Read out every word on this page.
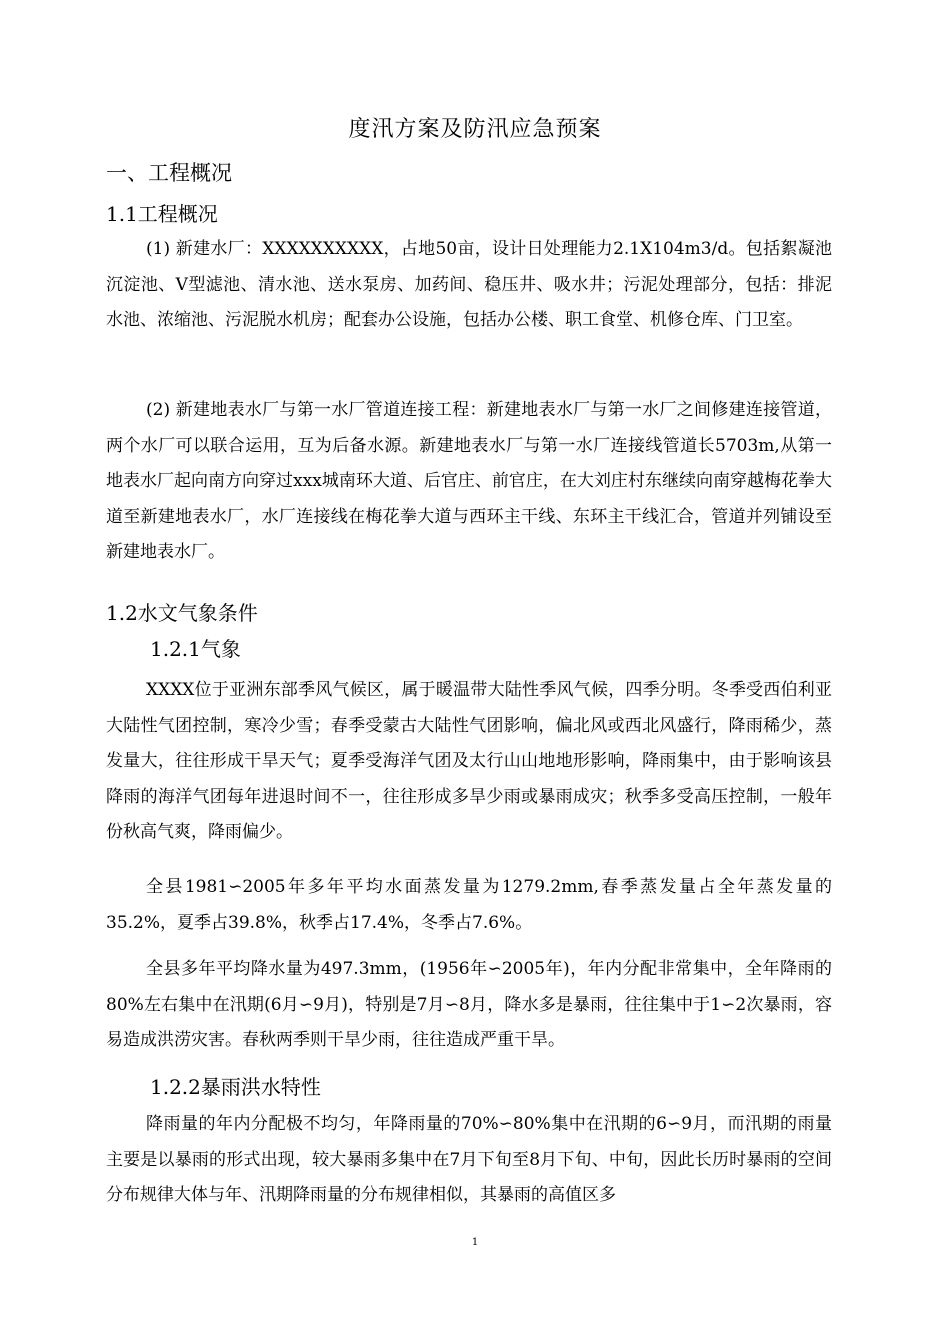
度汛方案及防汛应急预案
一、工程概况
1.1工程概况

(1) 新建水厂：XXXXXXXXXX，占地50亩，设计日处理能力2.1X104m3/d。包括絮凝池沉淀池、V型滤池、清水池、送水泵房、加药间、稳压井、吸水井；污泥处理部分，包括：排泥水池、浓缩池、污泥脱水机房；配套办公设施，包括办公楼、职工食堂、机修仓库、门卫室。

(2) 新建地表水厂与第一水厂管道连接工程：新建地表水厂与第一水厂之间修建连接管道，两个水厂可以联合运用，互为后备水源。新建地表水厂与第一水厂连接线管道长5703m,从第一地表水厂起向南方向穿过xxx城南环大道、后官庄、前官庄，在大刘庄村东继续向南穿越梅花拳大道至新建地表水厂，水厂连接线在梅花拳大道与西环主干线、东环主干线汇合，管道并列铺设至新建地表水厂。

1.2水文气象条件
1.2.1气象

XXXX位于亚洲东部季风气候区，属于暖温带大陆性季风气候，四季分明。冬季受西伯利亚大陆性气团控制，寒冷少雪；春季受蒙古大陆性气团影响，偏北风或西北风盛行，降雨稀少，蒸发量大，往往形成干旱天气；夏季受海洋气团及太行山山地地形影响，降雨集中，由于影响该县降雨的海洋气团每年进退时间不一，往往形成多旱少雨或暴雨成灾；秋季多受高压控制，一般年份秋高气爽，降雨偏少。

全县1981∽2005年多年平均水面蒸发量为1279.2mm,春季蒸发量占全年蒸发量的35.2%，夏季占39.8%，秋季占17.4%，冬季占7.6%。

全县多年平均降水量为497.3mm，(1956年∽2005年)，年内分配非常集中，全年降雨的80%左右集中在汛期(6月∽9月)，特别是7月∽8月，降水多是暴雨，往往集中于1∽2次暴雨，容易造成洪涝灾害。春秋两季则干旱少雨，往往造成严重干旱。

1.2.2暴雨洪水特性

降雨量的年内分配极不均匀，年降雨量的70%∽80%集中在汛期的6∽9月，而汛期的雨量主要是以暴雨的形式出现，较大暴雨多集中在7月下旬至8月下旬、中旬，因此长历时暴雨的空间分布规律大体与年、汛期降雨量的分布规律相似，其暴雨的高值区多

1
